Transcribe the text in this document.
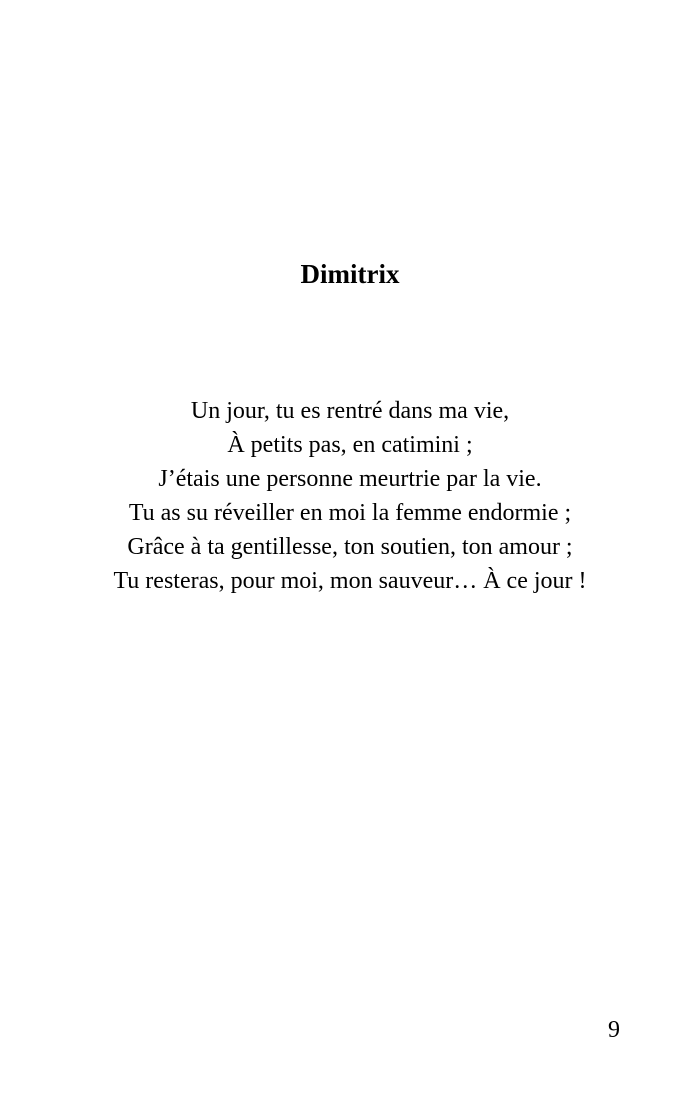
Dimitrix
Un jour, tu es rentré dans ma vie,
À petits pas, en catimini ;
J’étais une personne meurtrie par la vie.
Tu as su réveiller en moi la femme endormie ;
Grâce à ta gentillesse, ton soutien, ton amour ;
Tu resteras, pour moi, mon sauveur… À ce jour !
9
